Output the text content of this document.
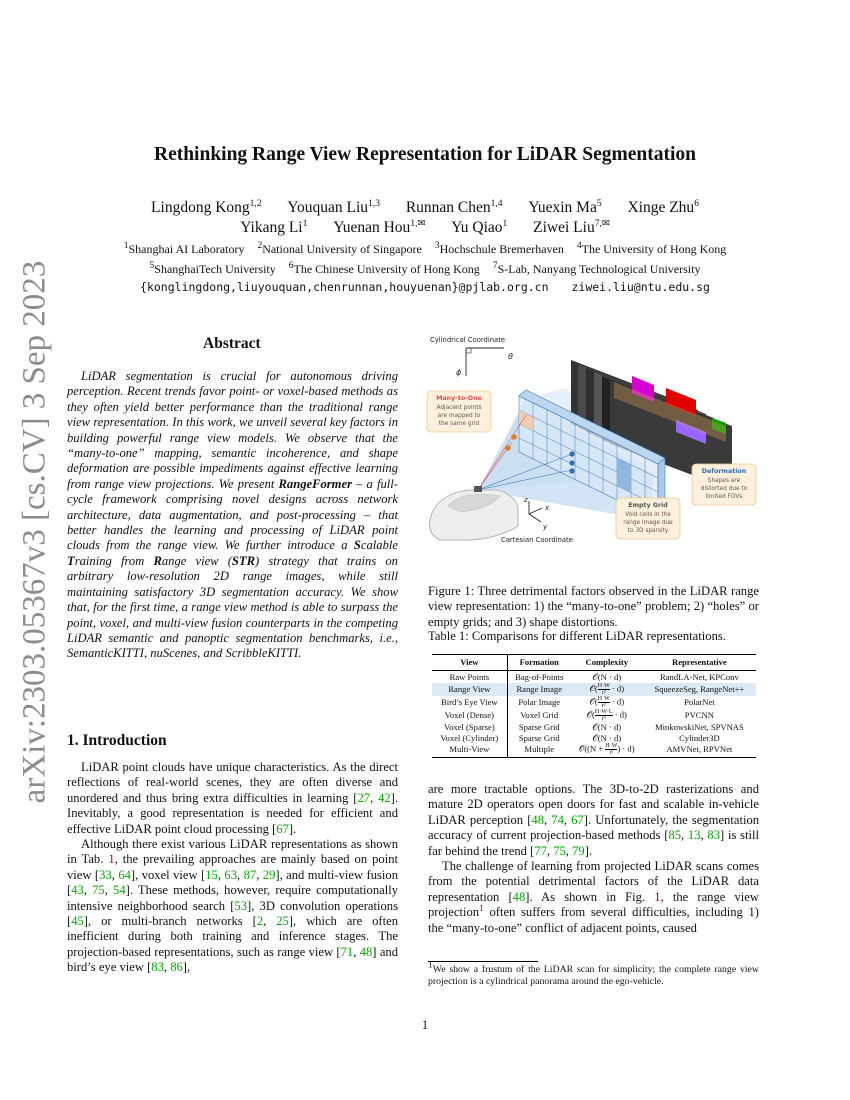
arXiv:2303.05367v3 [cs.CV] 3 Sep 2023
Rethinking Range View Representation for LiDAR Segmentation
Lingdong Kong$^{1,2}$ Youquan Liu$^{1,3}$ Runnan Chen$^{1,4}$ Yuexin Ma$^5$ Xinge Zhu$^6$
Yikang Li$^1$ Yuenan Hou$^{1,✉}$ Yu Qiao$^1$ Ziwei Liu$^{7,✉}$
$^1$Shanghai AI Laboratory $^2$National University of Singapore $^3$Hochschule Bremerhaven $^4$The University of Hong Kong
$^5$ShanghaiTech University $^6$The Chinese University of Hong Kong $^7$S-Lab, Nanyang Technological University
{konglingdong,liuyouquan,chenrunnan,houyuenan}@pjlab.org.cn ziwei.liu@ntu.edu.sg
Abstract
LiDAR segmentation is crucial for autonomous driving perception. Recent trends favor point- or voxel-based methods as they often yield better performance than the traditional range view representation. In this work, we unveil several key factors in building powerful range view models. We observe that the “many-to-one” mapping, semantic incoherence, and shape deformation are possible impediments against effective learning from range view projections. We present RangeFormer – a full-cycle framework comprising novel designs across network architecture, data augmentation, and post-processing – that better handles the learning and processing of LiDAR point clouds from the range view. We further introduce a Scalable Training from Range view (STR) strategy that trains on arbitrary low-resolution 2D range images, while still maintaining satisfactory 3D segmentation accuracy. We show that, for the first time, a range view method is able to surpass the point, voxel, and multi-view fusion counterparts in the competing LiDAR semantic and panoptic segmentation benchmarks, i.e., SemanticKITTI, nuScenes, and ScribbleKITTI.
1. Introduction

LiDAR point clouds have unique characteristics. As the direct reflections of real-world scenes, they are often diverse and unordered and thus bring extra difficulties in learning [27, 42]. Inevitably, a good representation is needed for efficient and effective LiDAR point cloud processing [67].

Although there exist various LiDAR representations as shown in Tab. 1, the prevailing approaches are mainly based on point view [33, 64], voxel view [15, 63, 87, 29], and multi-view fusion [43, 75, 54]. These methods, however, require computationally intensive neighborhood search [53], 3D convolution operations [45], or multi-branch networks [2, 25], which are often inefficient during both training and inference stages. The projection-based representations, such as range view [71, 48] and bird’s eye view [83, 86],

Cylindrical Coordinate
ϕ
θ
z
x
y
Cartesian Coordinate
Many-to-One
Adjacent points
are mapped to
the same grid
Deformation
Shapes are
distorted due to
limited FOVs
Empty Grid
Void cells in the
range image due
to 3D sparsity
Figure 1: Three detrimental factors observed in the LiDAR range view representation: 1) the “many-to-one” problem; 2) “holes” or empty grids; and 3) shape distortions.
Table 1: Comparisons for different LiDAR representations.
View	Formation	Complexity	Representative
Raw Points	Bag-of-Points	𝒪(N · d)	RandLA-Net, KPConv
Range View	Range Image	𝒪( $\frac{H\cdot W}{\text{r²}} \cdot d$)	SqueezeSeg, RangeNet++
Bird’s Eye View	Polar Image	𝒪( $\frac{H\cdot W}{\text{r²}} \cdot d$)	PolarNet
Voxel (Dense)	Voxel Grid	𝒪( $\frac{H\cdot W\cdot L}{\text{r³}} \cdot d$)	PVCNN
Voxel (Sparse)	Sparse Grid	𝒪(N · d)	MinkowskiNet, SPVNAS
Voxel (Cylinder)	Sparse Grid	𝒪(N · d)	Cylinder3D
Multi-View	Multiple	𝒪((N + $\frac{H\cdot W}{\text{r²}}$ ) · d)	AMVNet, RPVNet

are more tractable options. The 3D-to-2D rasterizations and mature 2D operators open doors for fast and scalable in-vehicle LiDAR perception [48, 74, 67]. Unfortunately, the segmentation accuracy of current projection-based methods [85, 13, 83] is still far behind the trend [77, 75, 79].

The challenge of learning from projected LiDAR scans comes from the potential detrimental factors of the LiDAR data representation [48]. As shown in Fig. 1, the range view projection$^1$ often suffers from several difficulties, including 1) the “many-to-one” conflict of adjacent points, caused

$^1$We show a frustum of the LiDAR scan for simplicity; the complete range view projection is a cylindrical panorama around the ego-vehicle.
1
